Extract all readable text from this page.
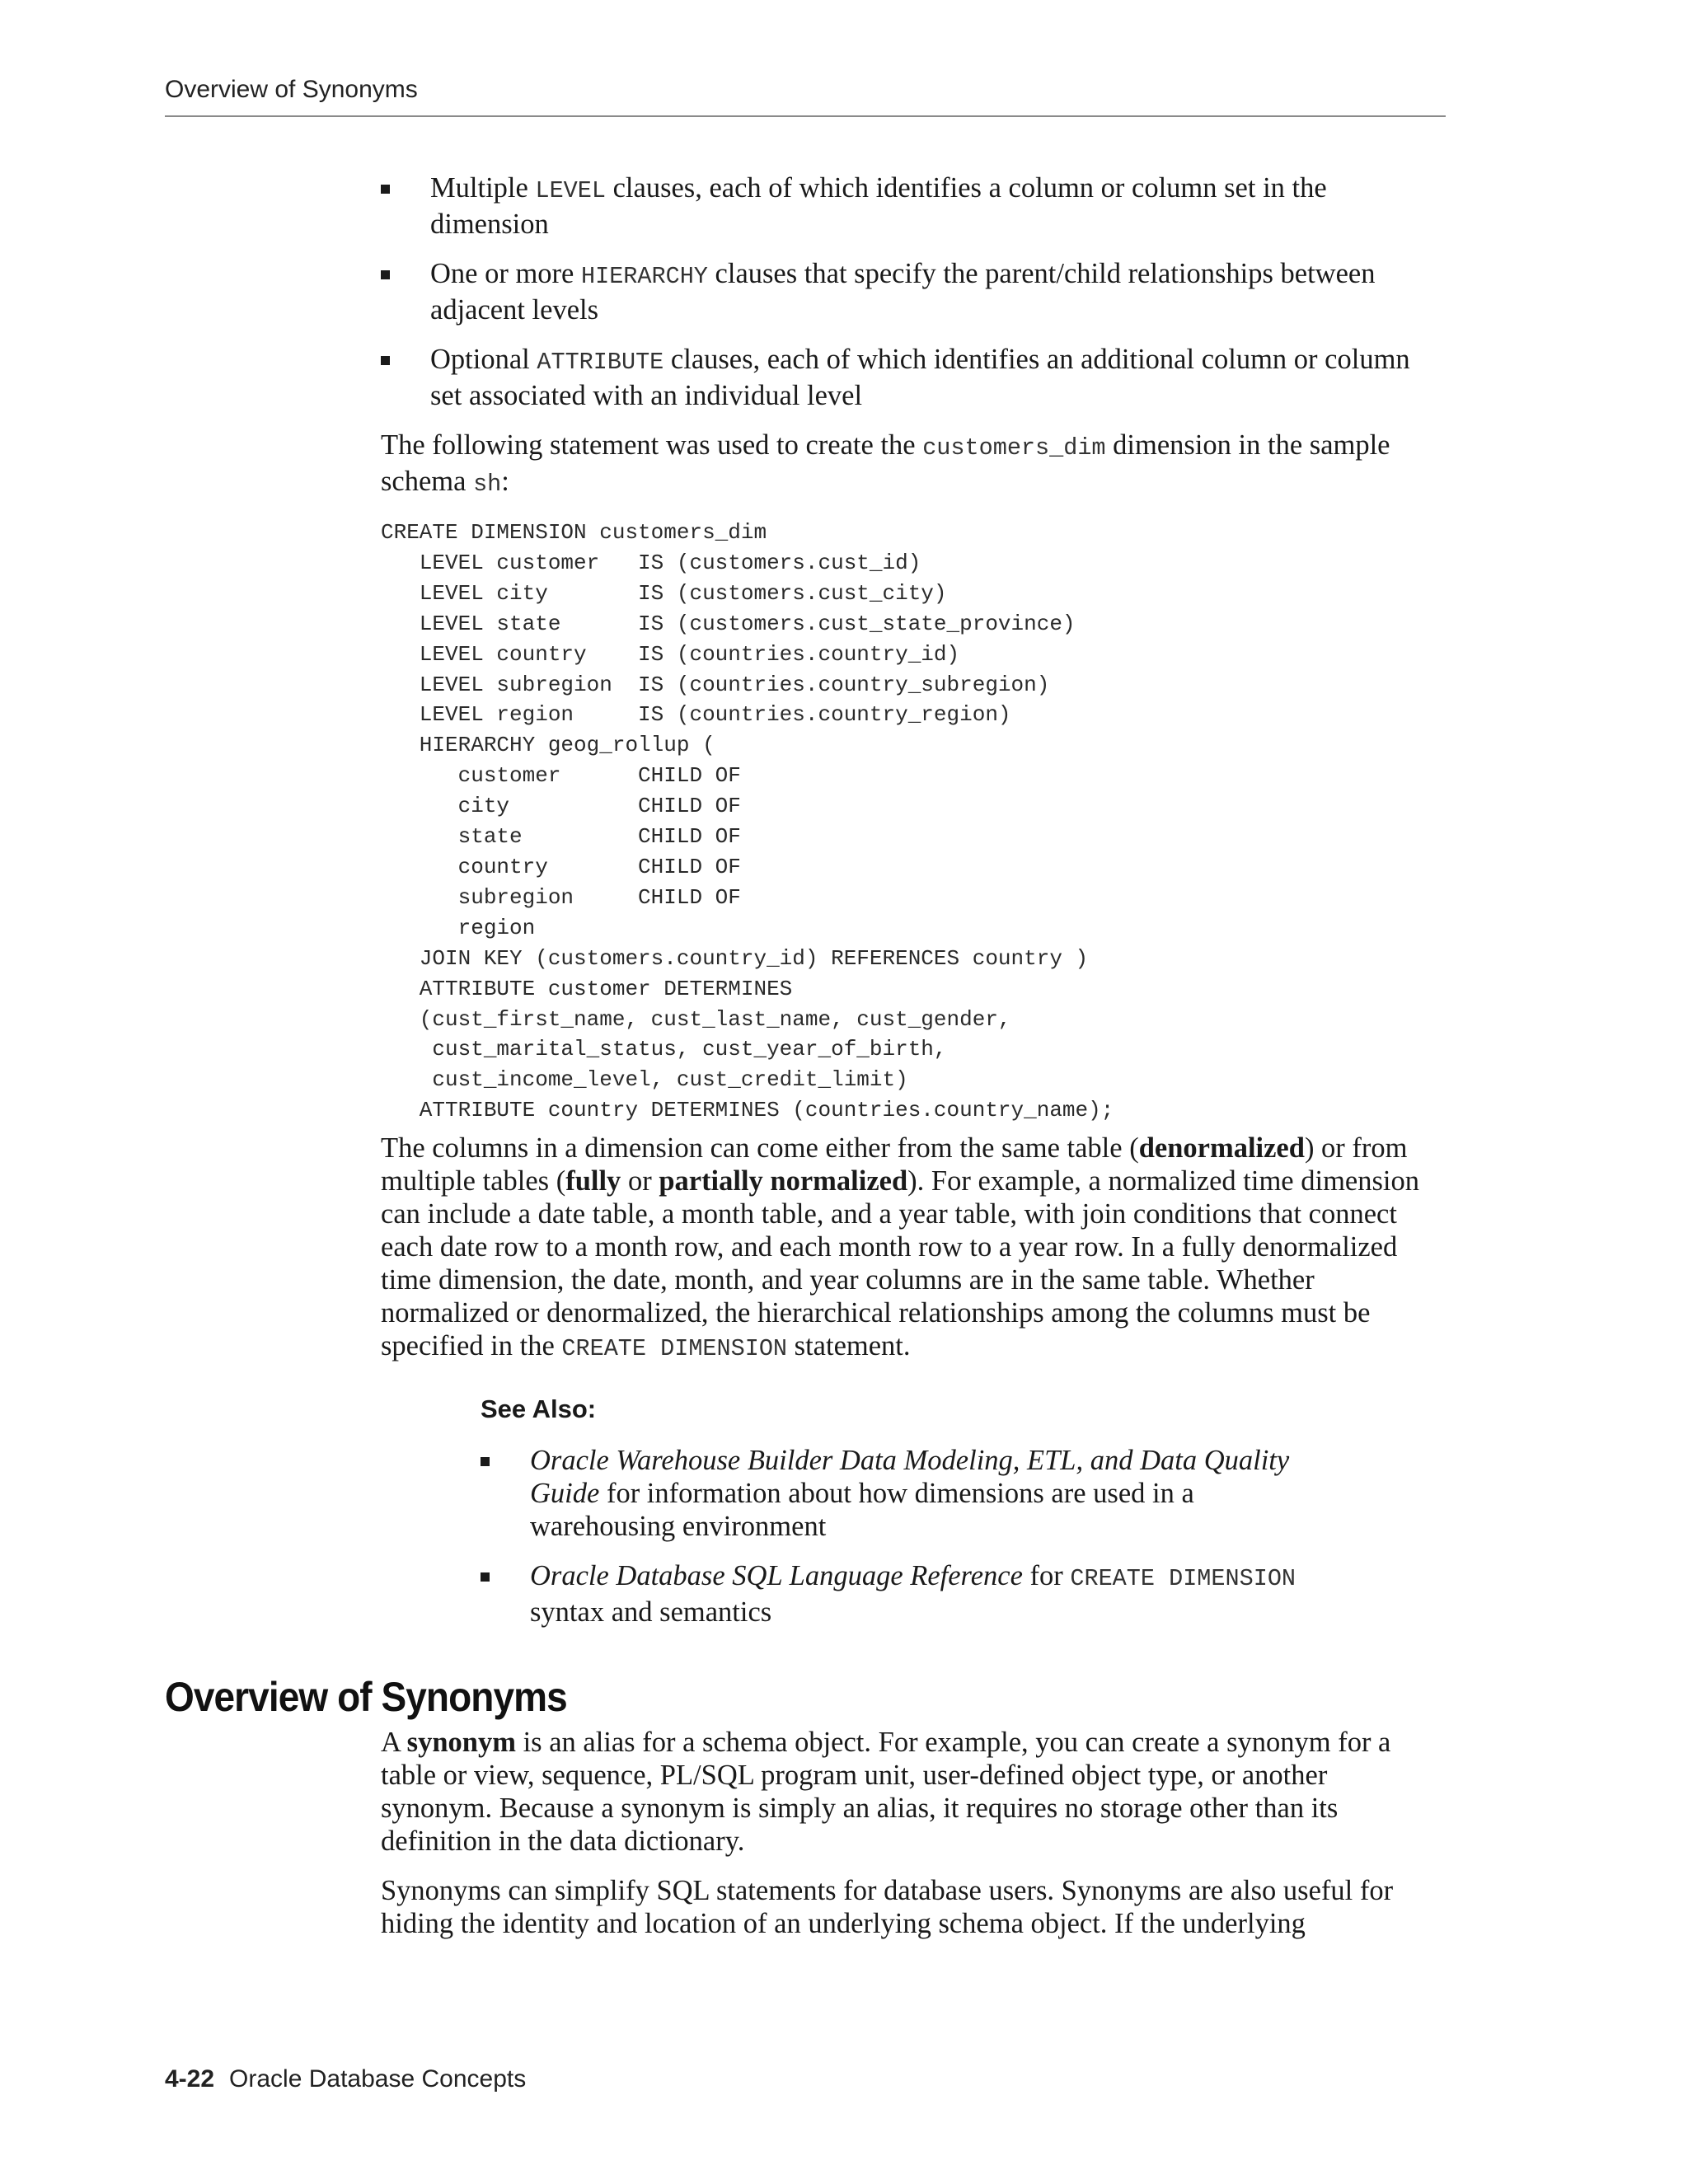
Overview of Synonyms
Multiple LEVEL clauses, each of which identifies a column or column set in the dimension
One or more HIERARCHY clauses that specify the parent/child relationships between adjacent levels
Optional ATTRIBUTE clauses, each of which identifies an additional column or column set associated with an individual level

The following statement was used to create the customers_dim dimension in the sample schema sh:

CREATE DIMENSION customers_dim
LEVEL customer   IS (customers.cust_id)
LEVEL city       IS (customers.cust_city)
LEVEL state      IS (customers.cust_state_province)
LEVEL country    IS (countries.country_id)
LEVEL subregion  IS (countries.country_subregion)
LEVEL region     IS (countries.country_region)
HIERARCHY geog_rollup (
customer      CHILD OF
city          CHILD OF
state         CHILD OF
country       CHILD OF
subregion     CHILD OF
region
JOIN KEY (customers.country_id) REFERENCES country )
ATTRIBUTE customer DETERMINES
(cust_first_name, cust_last_name, cust_gender,
cust_marital_status, cust_year_of_birth,
cust_income_level, cust_credit_limit)
ATTRIBUTE country DETERMINES (countries.country_name);

The columns in a dimension can come either from the same table (denormalized) or from multiple tables (fully or partially normalized). For example, a normalized time dimension can include a date table, a month table, and a year table, with join conditions that connect each date row to a month row, and each month row to a year row. In a fully denormalized time dimension, the date, month, and year columns are in the same table. Whether normalized or denormalized, the hierarchical relationships among the columns must be specified in the CREATE DIMENSION statement.

See Also:
Oracle Warehouse Builder Data Modeling, ETL, and Data Quality Guide for information about how dimensions are used in a warehousing environment
Oracle Database SQL Language Reference for CREATE DIMENSION syntax and semantics
Overview of Synonyms

A synonym is an alias for a schema object. For example, you can create a synonym for a table or view, sequence, PL/SQL program unit, user-defined object type, or another synonym. Because a synonym is simply an alias, it requires no storage other than its definition in the data dictionary.

Synonyms can simplify SQL statements for database users. Synonyms are also useful for hiding the identity and location of an underlying schema object. If the underlying

4-22 Oracle Database Concepts
